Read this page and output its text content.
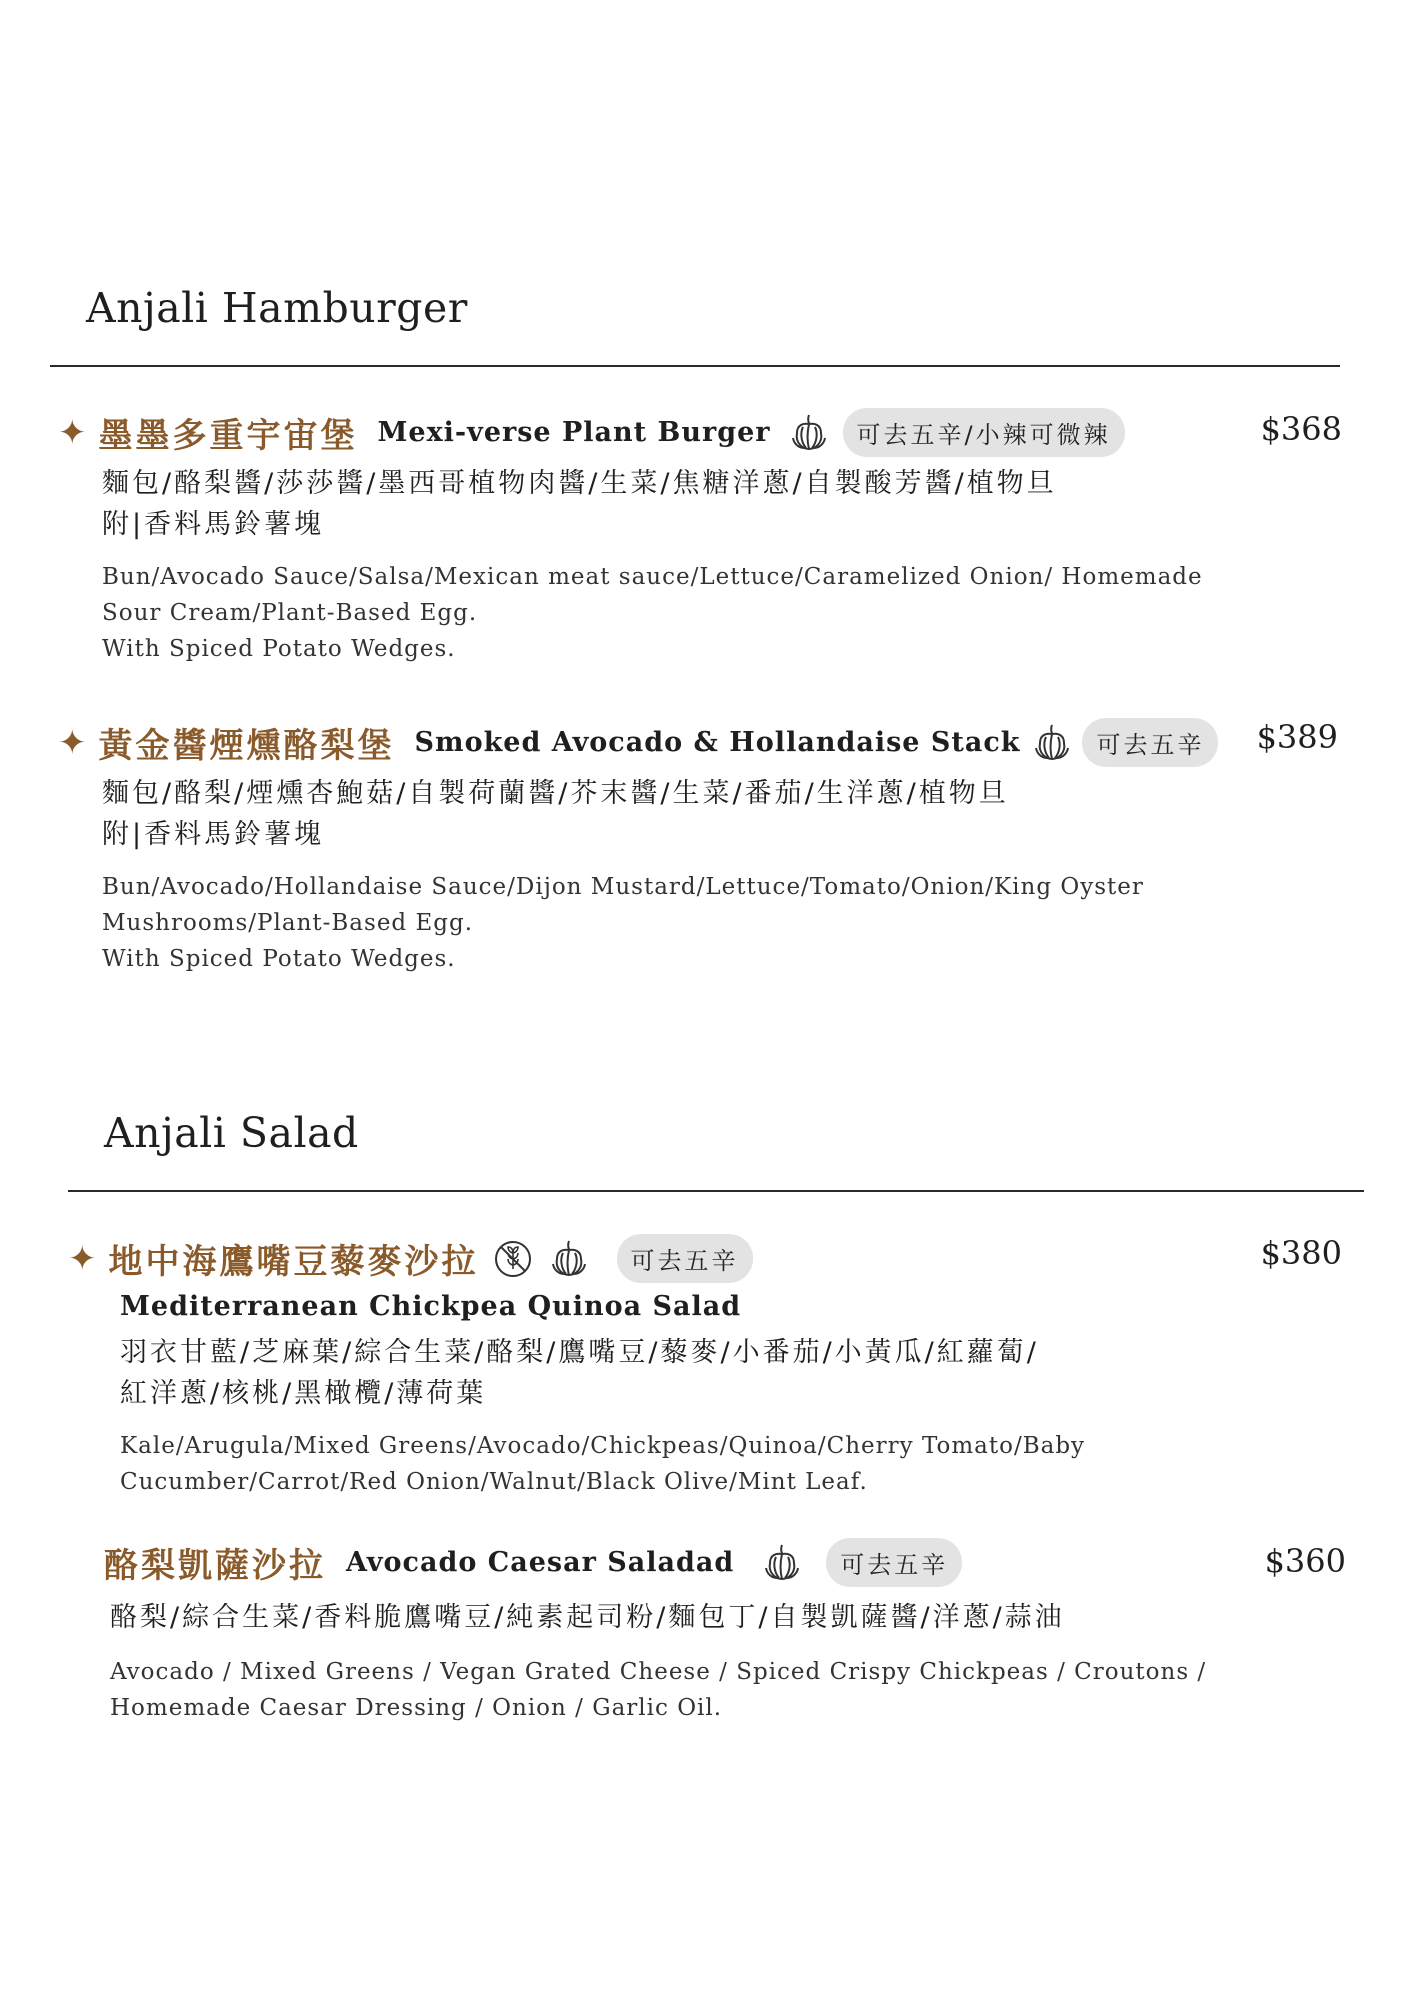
Anjali Hamburger
✦ 墨墨多重宇宙堡 Mexi-verse Plant Burger	可去五辛/小辣可微辣
麵包/酪梨醬/莎莎醬/墨西哥植物肉醬/生菜/焦糖洋蔥/自製酸芳醬/植物旦
附|香料馬鈴薯塊
Bun/Avocado Sauce/Salsa/Mexican meat sauce/Lettuce/Caramelized Onion/ Homemade
Sour Cream/Plant-Based Egg.
With Spiced Potato Wedges.
$368
✦ 黃金醬煙燻酪梨堡 Smoked Avocado & Hollandaise Stack	可去五辛
麵包/酪梨/煙燻杏鮑菇/自製荷蘭醬/芥末醬/生菜/番茄/生洋蔥/植物旦
附|香料馬鈴薯塊
Bun/Avocado/Hollandaise Sauce/Dijon Mustard/Lettuce/Tomato/Onion/King Oyster
Mushrooms/Plant-Based Egg.
With Spiced Potato Wedges.
$389
Anjali Salad
✦ 地中海鷹嘴豆藜麥沙拉	可去五辛
Mediterranean Chickpea Quinoa Salad
羽衣甘藍/芝麻葉/綜合生菜/酪梨/鷹嘴豆/藜麥/小番茄/小黃瓜/紅蘿蔔/
紅洋蔥/核桃/黑橄欖/薄荷葉
Kale/Arugula/Mixed Greens/Avocado/Chickpeas/Quinoa/Cherry Tomato/Baby
Cucumber/Carrot/Red Onion/Walnut/Black Olive/Mint Leaf.
$380
酪梨凱薩沙拉 Avocado Caesar Saladad	可去五辛
酪梨/綜合生菜/香料脆鷹嘴豆/純素起司粉/麵包丁/自製凱薩醬/洋蔥/蒜油
Avocado / Mixed Greens / Vegan Grated Cheese / Spiced Crispy Chickpeas / Croutons /
Homemade Caesar Dressing / Onion / Garlic Oil.
$360
